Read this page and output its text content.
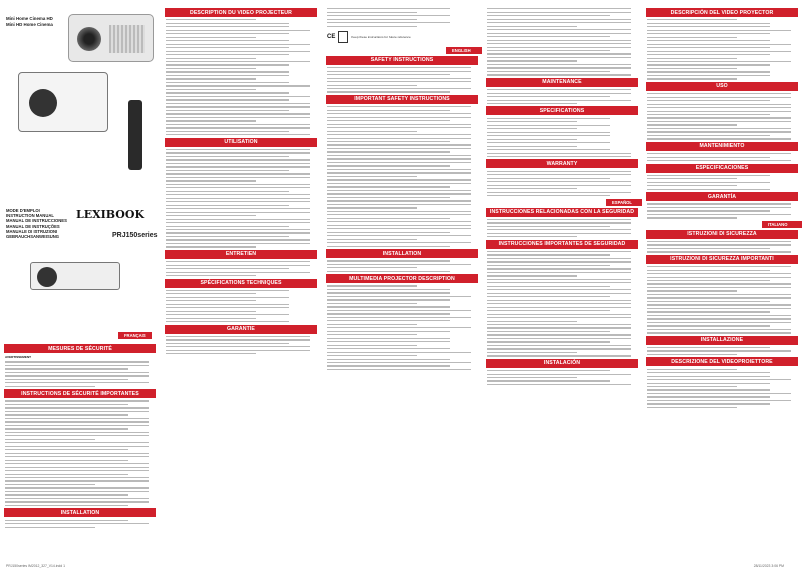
Mini Home Cinema HD
Mini HD Home Cinema
MODE D'EMPLOI
INSTRUCTION MANUAL
MANUAL DE INSTRUCCIONES
MANUAL DE INSTRUÇÕES
MANUALE DI ISTRUZIONI
GEBRAUCHSANWEISUNG
LEXIBOOK
PRJ150series
FRANÇAIS
MESURES DE SÉCURITÉ
AVERTISSEMENT
INSTRUCTIONS DE SÉCURITÉ IMPORTANTES
INSTALLATION
DESCRIPTION DU VIDEO PROJECTEUR
UTILISATION
ENTRETIEN
SPÉCIFICATIONS TECHNIQUES
GARANTIE
CE	Keep these instructions for future reference
ENGLISH
SAFETY INSTRUCTIONS
IMPORTANT SAFETY INSTRUCTIONS
INSTALLATION
MULTIMEDIA PROJECTOR DESCRIPTION
MAINTENANCE
SPECIFICATIONS
WARRANTY
ESPAÑOL
INSTRUCCIONES RELACIONADAS CON LA SEGURIDAD
INSTRUCCIONES IMPORTANTES DE SEGURIDAD
INSTALACIÓN
DESCRIPCIÓN DEL VIDEO PROYECTOR
USO
MANTENIMIENTO
ESPECIFICACIONES
GARANTÍA
ITALIANO
ISTRUZIONI DI SICUREZZA
ISTRUZIONI DI SICUREZZA IMPORTANTI
INSTALLAZIONE
DESCRIZIONE DEL VIDEOPROIETTORE
PRJ150series IM2012_327_V14.indd 1	28/11/2023 3:06 PM
